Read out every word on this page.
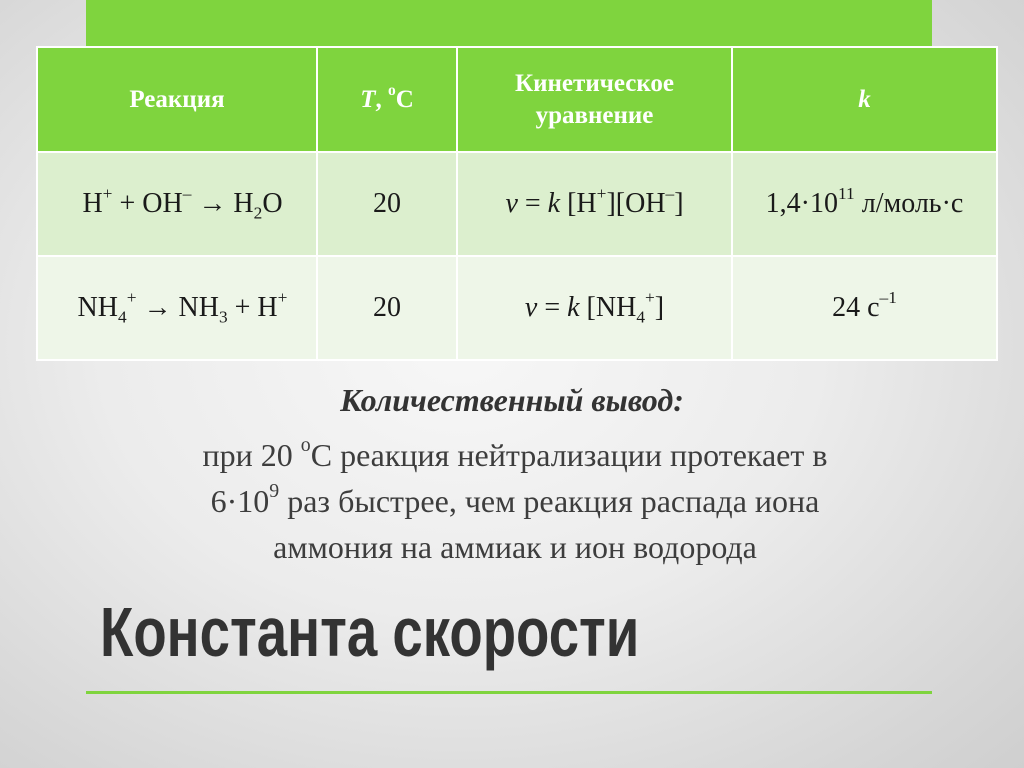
Реакция	T, $^o$C	Кинетическое уравнение	k
$H^+ + OH^- \to H_2O$	20	v = k [H+][OH–]	$1,4\cdot 10^{11}$ л/моль·с
$NH_4^+ \to NH_3 + H^+$	20	v = k $[NH_4^+]$	24 $с^{-1}$
Количественный вывод:
при 20 $^о$С реакция нейтрализации протекает в
$6\cdot 10^9$ раз быстрее, чем реакция распада иона
аммония на аммиак и ион водорода
Константа скорости
